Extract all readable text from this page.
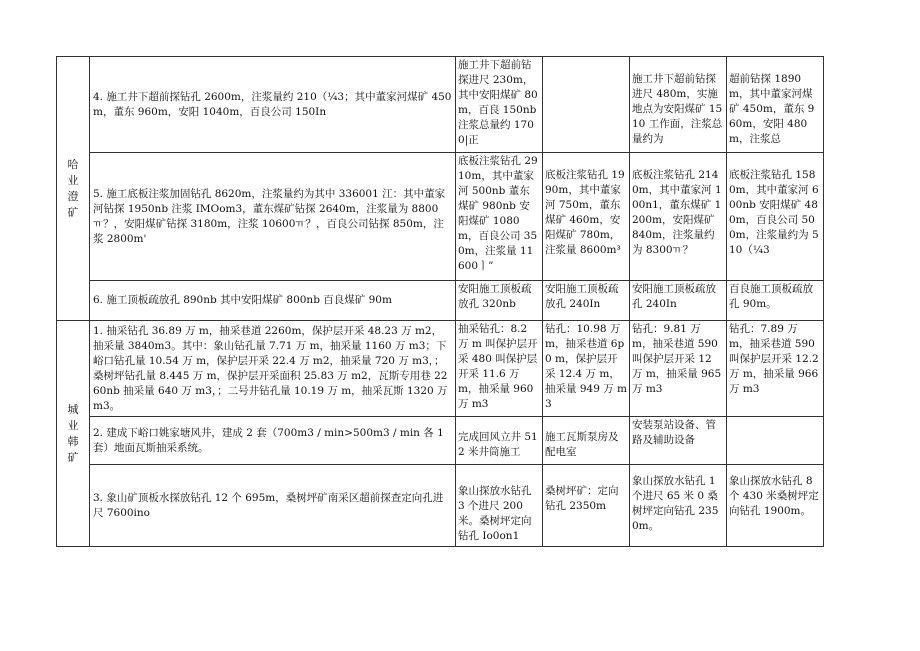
哈业澄矿	4. 施工井下超前探钻孔 2600m，注浆量约 210（¼3；其中董家河煤矿 450m，董东 960m，安阳 1040m，百良公司 150In	施工井下超前钻探进尺 230m，其中安阳煤矿 80m，百良 150nb 注浆总量约 1700|正		施工井下超前钻探进尺 480m，实施地点为安阳煤矿 1510 工作面，注浆总量约为	超前钻探 1890m，其中董家河煤矿 450m，董东 960m，安阳 480m，注浆总

	5. 施工底板注浆加固钻孔 8620m，注浆量约为其中 336001 江：其中董家河钻探 1950nb 注浆 IMOom3，董东煤矿钻探 2640m，注浆量为 8800ㅠ？，安阳煤矿钻探 3180m，注浆 10600ㅠ？，百良公司钻探 850m，注浆 2800m'	底板注浆钻孔 2910m，其中董家河 500nb 董东煤矿 980nb 安阳煤矿 1080m，百良公司 350m，注浆量 11600ㅣ”	底板注浆钻孔 1990m，其中董家河 750m，董东煤矿 460m，安阳煤矿 780m，注浆量 8600m³	底板注浆钻孔 2140m，其中董家河 100n1，董东煤矿 1200m，安阳煤矿 840m，注浆量约为 8300ㅠ？	底板注浆钻孔 1580m，其中董家河 600nb 安阳煤矿 480m，百良公司 500m，注浆量约为 510（¼3

	6. 施工顶板疏放孔 890nb 其中安阳煤矿 800nb 百良煤矿 90m	安阳施工顶板疏放孔 320nb	安阳施工顶板疏放孔 240In	安阳施工顶板疏放孔 240In	百良施工顶板疏放孔 90m。
城业韩矿	1. 抽采钻孔 36.89 万 m，抽采巷道 2260m，保护层开采 48.23 万 m2，抽采量 3840m3。其中：象山钻孔量 7.71 万 m，抽采量 1160 万 m3；下峪口钻孔量 10.54 万 m，保护层开采 22.4 万 m2，抽采量 720 万 m3，；桑树坪钻孔量 8.445 万 m，保护层开采面积 25.83 万 m2，瓦斯专用巷 2260nb 抽采量 640 万 m3，；二号井钻孔量 10.19 万 m，抽采瓦斯 1320 万 m3。	抽采钻孔：8.2 万 m 叫保护层开采 480 叫保护层开采 11.6 万 m，抽采量 960 万 m3	钻孔：10.98 万 m，抽采巷道 6p 0 m，保护层开采 12.4 万 m，抽采量 949 万 m3	钻孔：9.81 万 m，抽采巷道 590 叫保护层开采 12 万 m，抽采量 965 万 m3	钻孔：7.89 万 m，抽采巷道 590 叫保护层开采 12.2 万 m，抽采量 966 万 m3
	2. 建成下峪口姚家塘风井，建成 2 套（700m3 / min>500m3 / min 各 1 套）地面瓦斯抽采系统。	完成回风立井 512 米井筒施工	施工瓦斯泵房及配电室	安装泵站设备、管路及辅助设备	
	3. 象山矿顶板水探放钻孔 12 个 695m，桑树坪矿南采区超前探查定向孔进尺 7600ino	象山探放水钻孔 3 个进尺 200 米。桑树坪定向钻孔 Io0on1	桑树坪矿：定向钻孔 2350m	象山探放水钻孔 1 个进尺 65 米 0 桑树坪定向钻孔 2350m。	象山探放水钻孔 8 个 430 米桑树坪定向钻孔 1900m。
